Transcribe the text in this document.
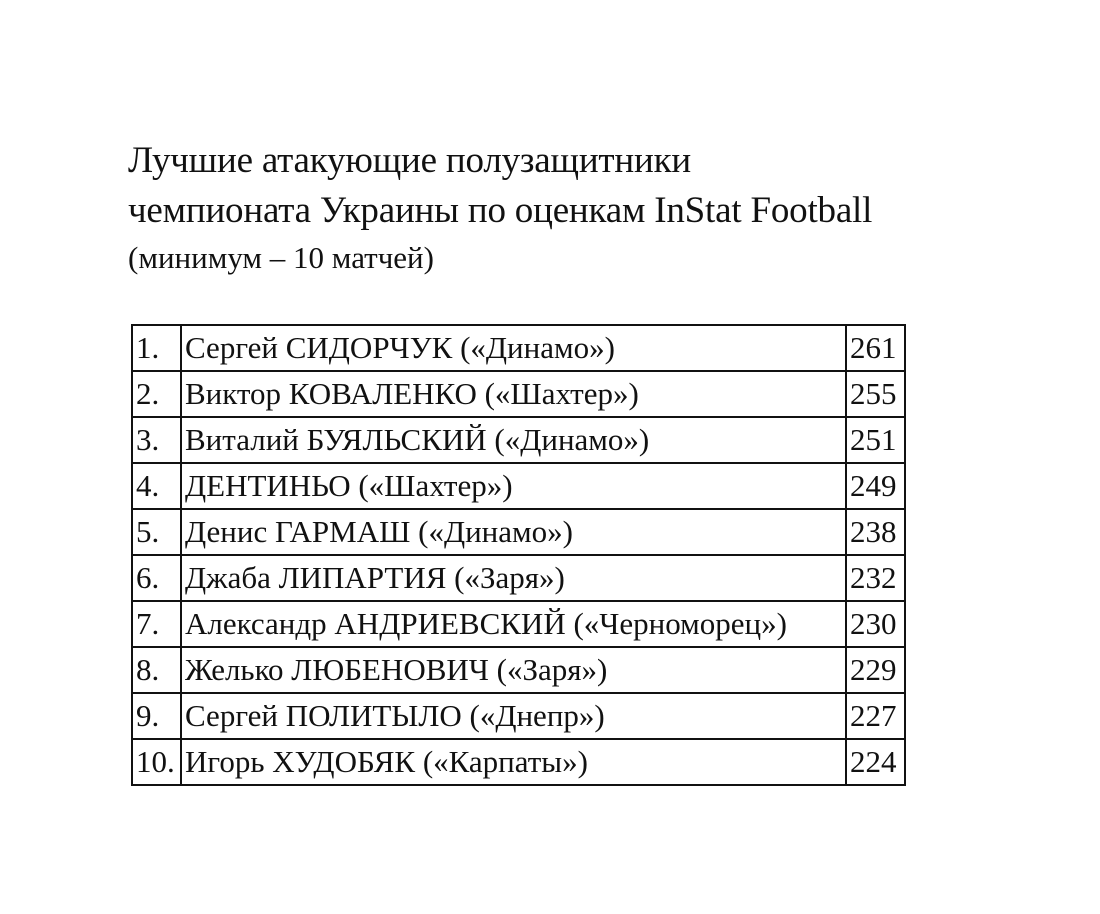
Лучшие атакующие полузащитники
чемпионата Украины по оценкам InStat Football
(минимум – 10 матчей)
1.	Сергей СИДОРЧУК («Динамо»)	261
2.	Виктор КОВАЛЕНКО («Шахтер»)	255
3.	Виталий БУЯЛЬСКИЙ («Динамо»)	251
4.	ДЕНТИНЬО («Шахтер»)	249
5.	Денис ГАРМАШ («Динамо»)	238
6.	Джаба ЛИПАРТИЯ («Заря»)	232
7.	Александр АНДРИЕВСКИЙ («Черноморец»)	230
8.	Желько ЛЮБЕНОВИЧ («Заря»)	229
9.	Сергей ПОЛИТЫЛО («Днепр»)	227
10.	Игорь ХУДОБЯК («Карпаты»)	224
